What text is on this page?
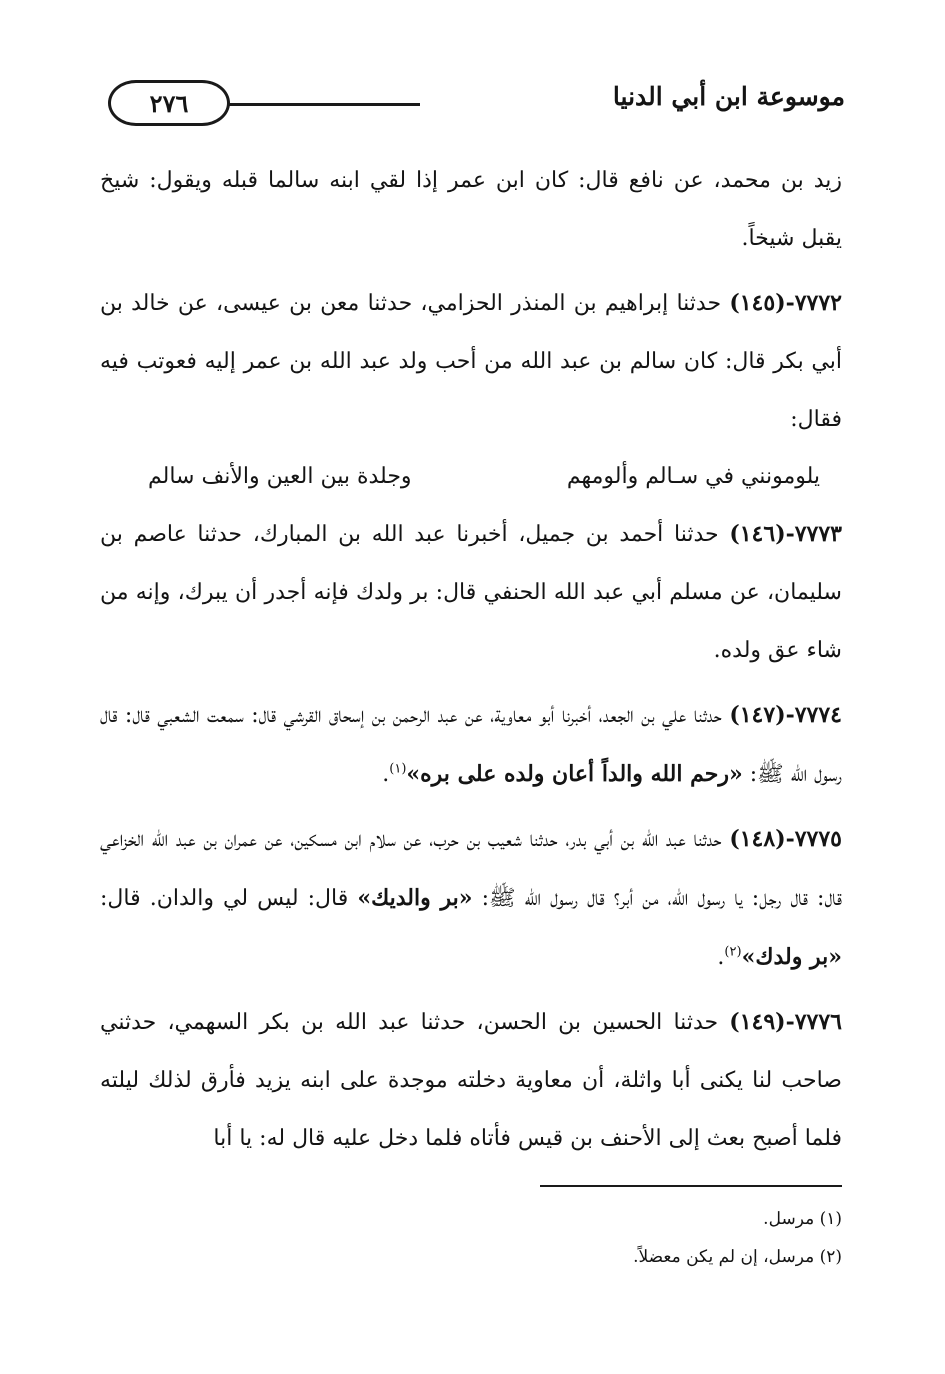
٢٧٦	موسوعة ابن أبي الدنيا

زيد بن محمد، عن نافع قال: كان ابن عمر إذا لقي ابنه سالما قبله ويقول: شيخ يقبل شيخاً.

٧٧٧٢-(١٤٥) حدثنا إبراهيم بن المنذر الحزامي، حدثنا معن بن عيسى، عن خالد بن أبي بكر قال: كان سالم بن عبد الله من أحب ولد عبد الله بن عمر إليه فعوتب فيه فقال:

يلومونني في سـالم وألومهم
وجلدة بين العين والأنف سالم

٧٧٧٣-(١٤٦) حدثنا أحمد بن جميل، أخبرنا عبد الله بن المبارك، حدثنا عاصم بن سليمان، عن مسلم أبي عبد الله الحنفي قال: بر ولدك فإنه أجدر أن يبرك، وإنه من شاء عق ولده.

٧٧٧٤-(١٤٧) حدثنا علي بن الجعد، أخبرنا أبو معاوية، عن عبد الرحمن بن إسحاق القرشي قال: سمعت الشعبي قال: قال رسول الله ﷺ: «رحم الله والداً أعان ولده على بره»$^{(١)}$.

٧٧٧٥-(١٤٨) حدثنا عبد الله بن أبي بدر، حدثنا شعيب بن حرب، عن سلام ابن مسكين، عن عمران بن عبد الله الخزاعي قال: قال رجل: يا رسول الله، من أبر؟ قال رسول الله ﷺ: «بر والديك» قال: ليس لي والدان. قال: «بر ولدك»$^{(٢)}$.

٧٧٧٦-(١٤٩) حدثنا الحسين بن الحسن، حدثنا عبد الله بن بكر السهمي، حدثني صاحب لنا يكنى أبا واثلة، أن معاوية دخلته موجدة على ابنه يزيد فأرق لذلك ليلته فلما أصبح بعث إلى الأحنف بن قيس فأتاه فلما دخل عليه قال له: يا أبا

(١) مرسل.
(٢) مرسل، إن لم يكن معضلاً.
